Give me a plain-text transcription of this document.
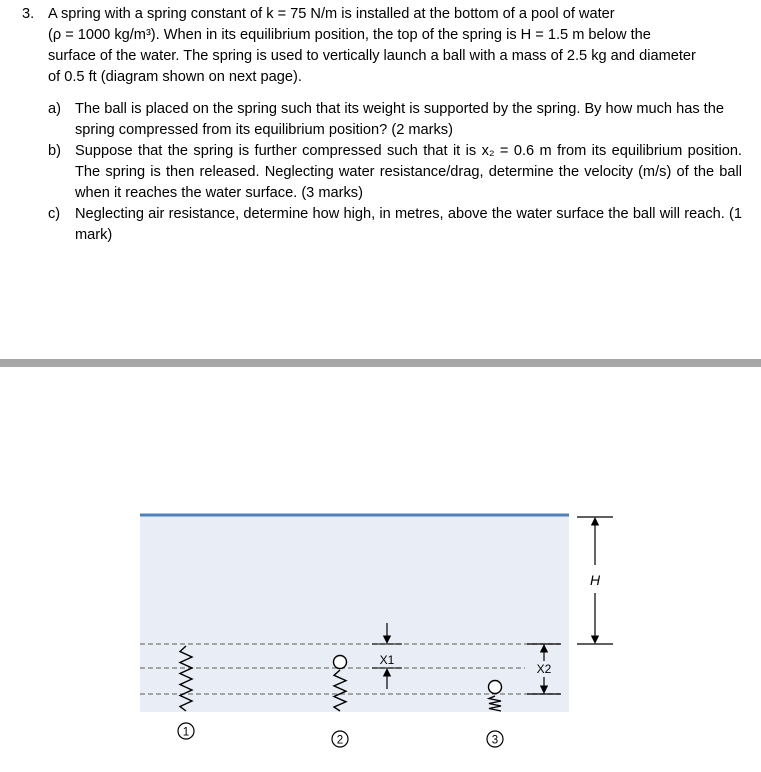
3. A spring with a spring constant of k = 75 N/m is installed at the bottom of a pool of water
(ρ = 1000 kg/m³). When in its equilibrium position, the top of the spring is H = 1.5 m below the
surface of the water. The spring is used to vertically launch a ball with a mass of 2.5 kg and diameter
of 0.5 ft (diagram shown on next page).
a) The ball is placed on the spring such that its weight is supported by the spring. By how much has the spring compressed from its equilibrium position? (2 marks)
b) Suppose that the spring is further compressed such that it is x₂ = 0.6 m from its equilibrium position. The spring is then released. Neglecting water resistance/drag, determine the velocity (m/s) of the ball when it reaches the water surface. (3 marks)
c) Neglecting air resistance, determine how high, in metres, above the water surface the ball will reach. (1 mark)
H
X1
X2
1
2	3
